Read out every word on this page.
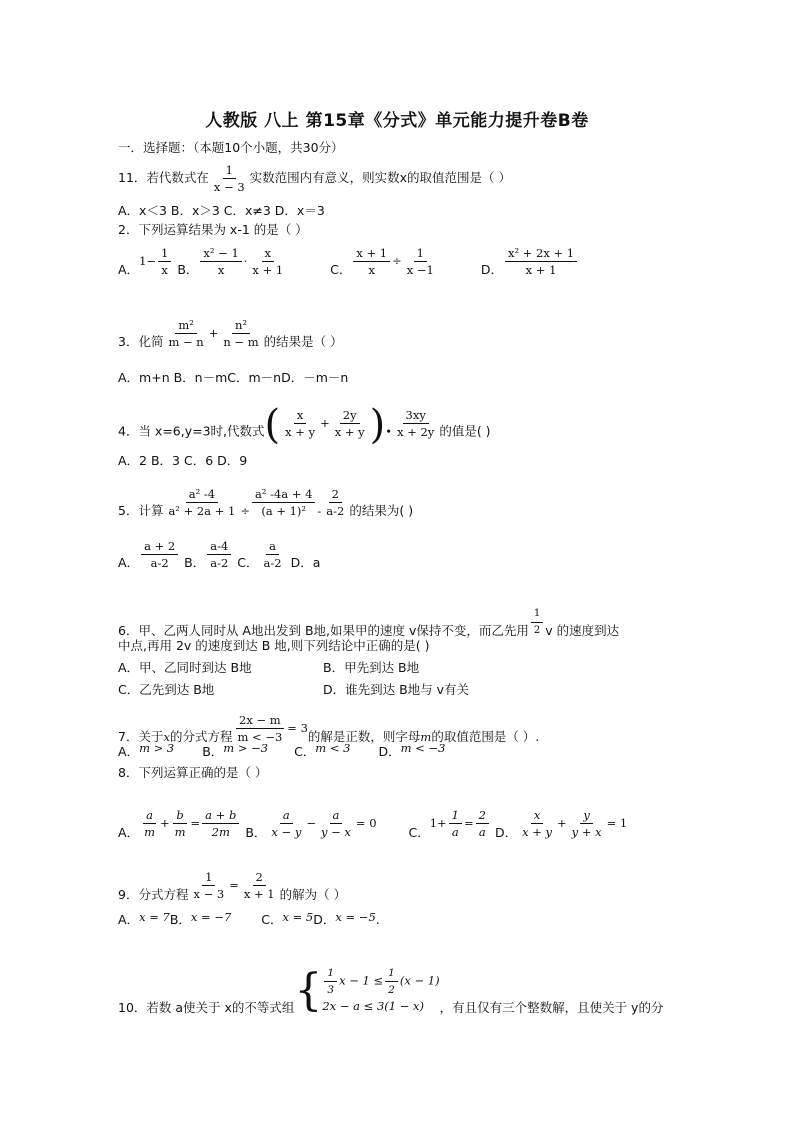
人教版 八上 第15章《分式》单元能力提升卷B卷
一．选择题：（本题10个小题，共30分）
11．若代数式在 $\frac{1}{x - 3}$ 实数范围内有意义，则实数x的取值范围是（ ）
A．x＜3 B．x＞3 C．x≠3 D．x＝3
2．下列运算结果为 x-1 的是（ ）
A．$1- \frac{1}{x}$ B． $\frac{\text{x² − 1}}{x} \cdot \frac{x}{x + 1}$	C． $\frac{x + 1}{x} \div \frac{1}{x -1}$	D． $\frac{\text{x² + 2x + 1}}{x + 1}$
3．化简 $\frac{\text{m²}}{m - n} + \frac{\text{n²}}{n - m}$ 的结果是（ ）
A．m+n B．n－mC．m－nD．－m－n
4．当 x=6,y=3时,代数式( $\frac{x}{x + y} + \frac{2y}{x + y}$ )• $\frac{3xy}{x + 2y}$ 的值是( )
A．2 B．3 C．6 D．9
5．计算 $\frac{\text{a² -4}}{\text{a² + 2a + 1}} \div \frac{\text{a² -4a + 4}}{\text{(a + 1)²}} - \frac{2}{a-2}$ 的结果为( )
A． $\frac{a + 2}{a-2}$ B． $\frac{a-4}{a-2}$ C． $\frac{a}{a-2}$ D．a
6．甲、乙两人同时从 A地出发到 B地,如果甲的速度 v保持不变，而乙先用 $\frac{1}{2}$ v 的速度到达
中点,再用 2v 的速度到达 B 地,则下列结论中正确的是( )
A．甲、乙同时到达 B地	B．甲先到达 B地
C．乙先到达 B地	D．谁先到达 B地与 v有关
7．关于x的分式方程 $\frac{2x - m}{m < -3} = 3$的解是正数，则字母m的取值范围是（ ）.
A．m > 3 B．m > −3 C．m < 3 D．m < −3
8．下列运算正确的是（ ）
A． $\frac{a}{m} + \frac{b}{m} = \frac{a + b}{2m}$ B． $\frac{a}{x - y} - \frac{a}{y - x} = 0$  C．$1+ \frac{1}{a} = \frac{2}{a}$ D． $\frac{x}{x + y} + \frac{y}{y + x} = 1$
9．分式方程 $\frac{1}{x - 3} = \frac{2}{x + 1}$ 的解为（ ）
A．x = 7B．x = −7 C．x = 5D．x = −5.
10．若数 a使关于 x的不等式组{ $\frac{1}{3}$ $x - 1 \le \frac{1}{2} (x - 1)$
2x − a ≤ 3(1 − x)	，有且仅有三个整数解，且使关于 y的分
